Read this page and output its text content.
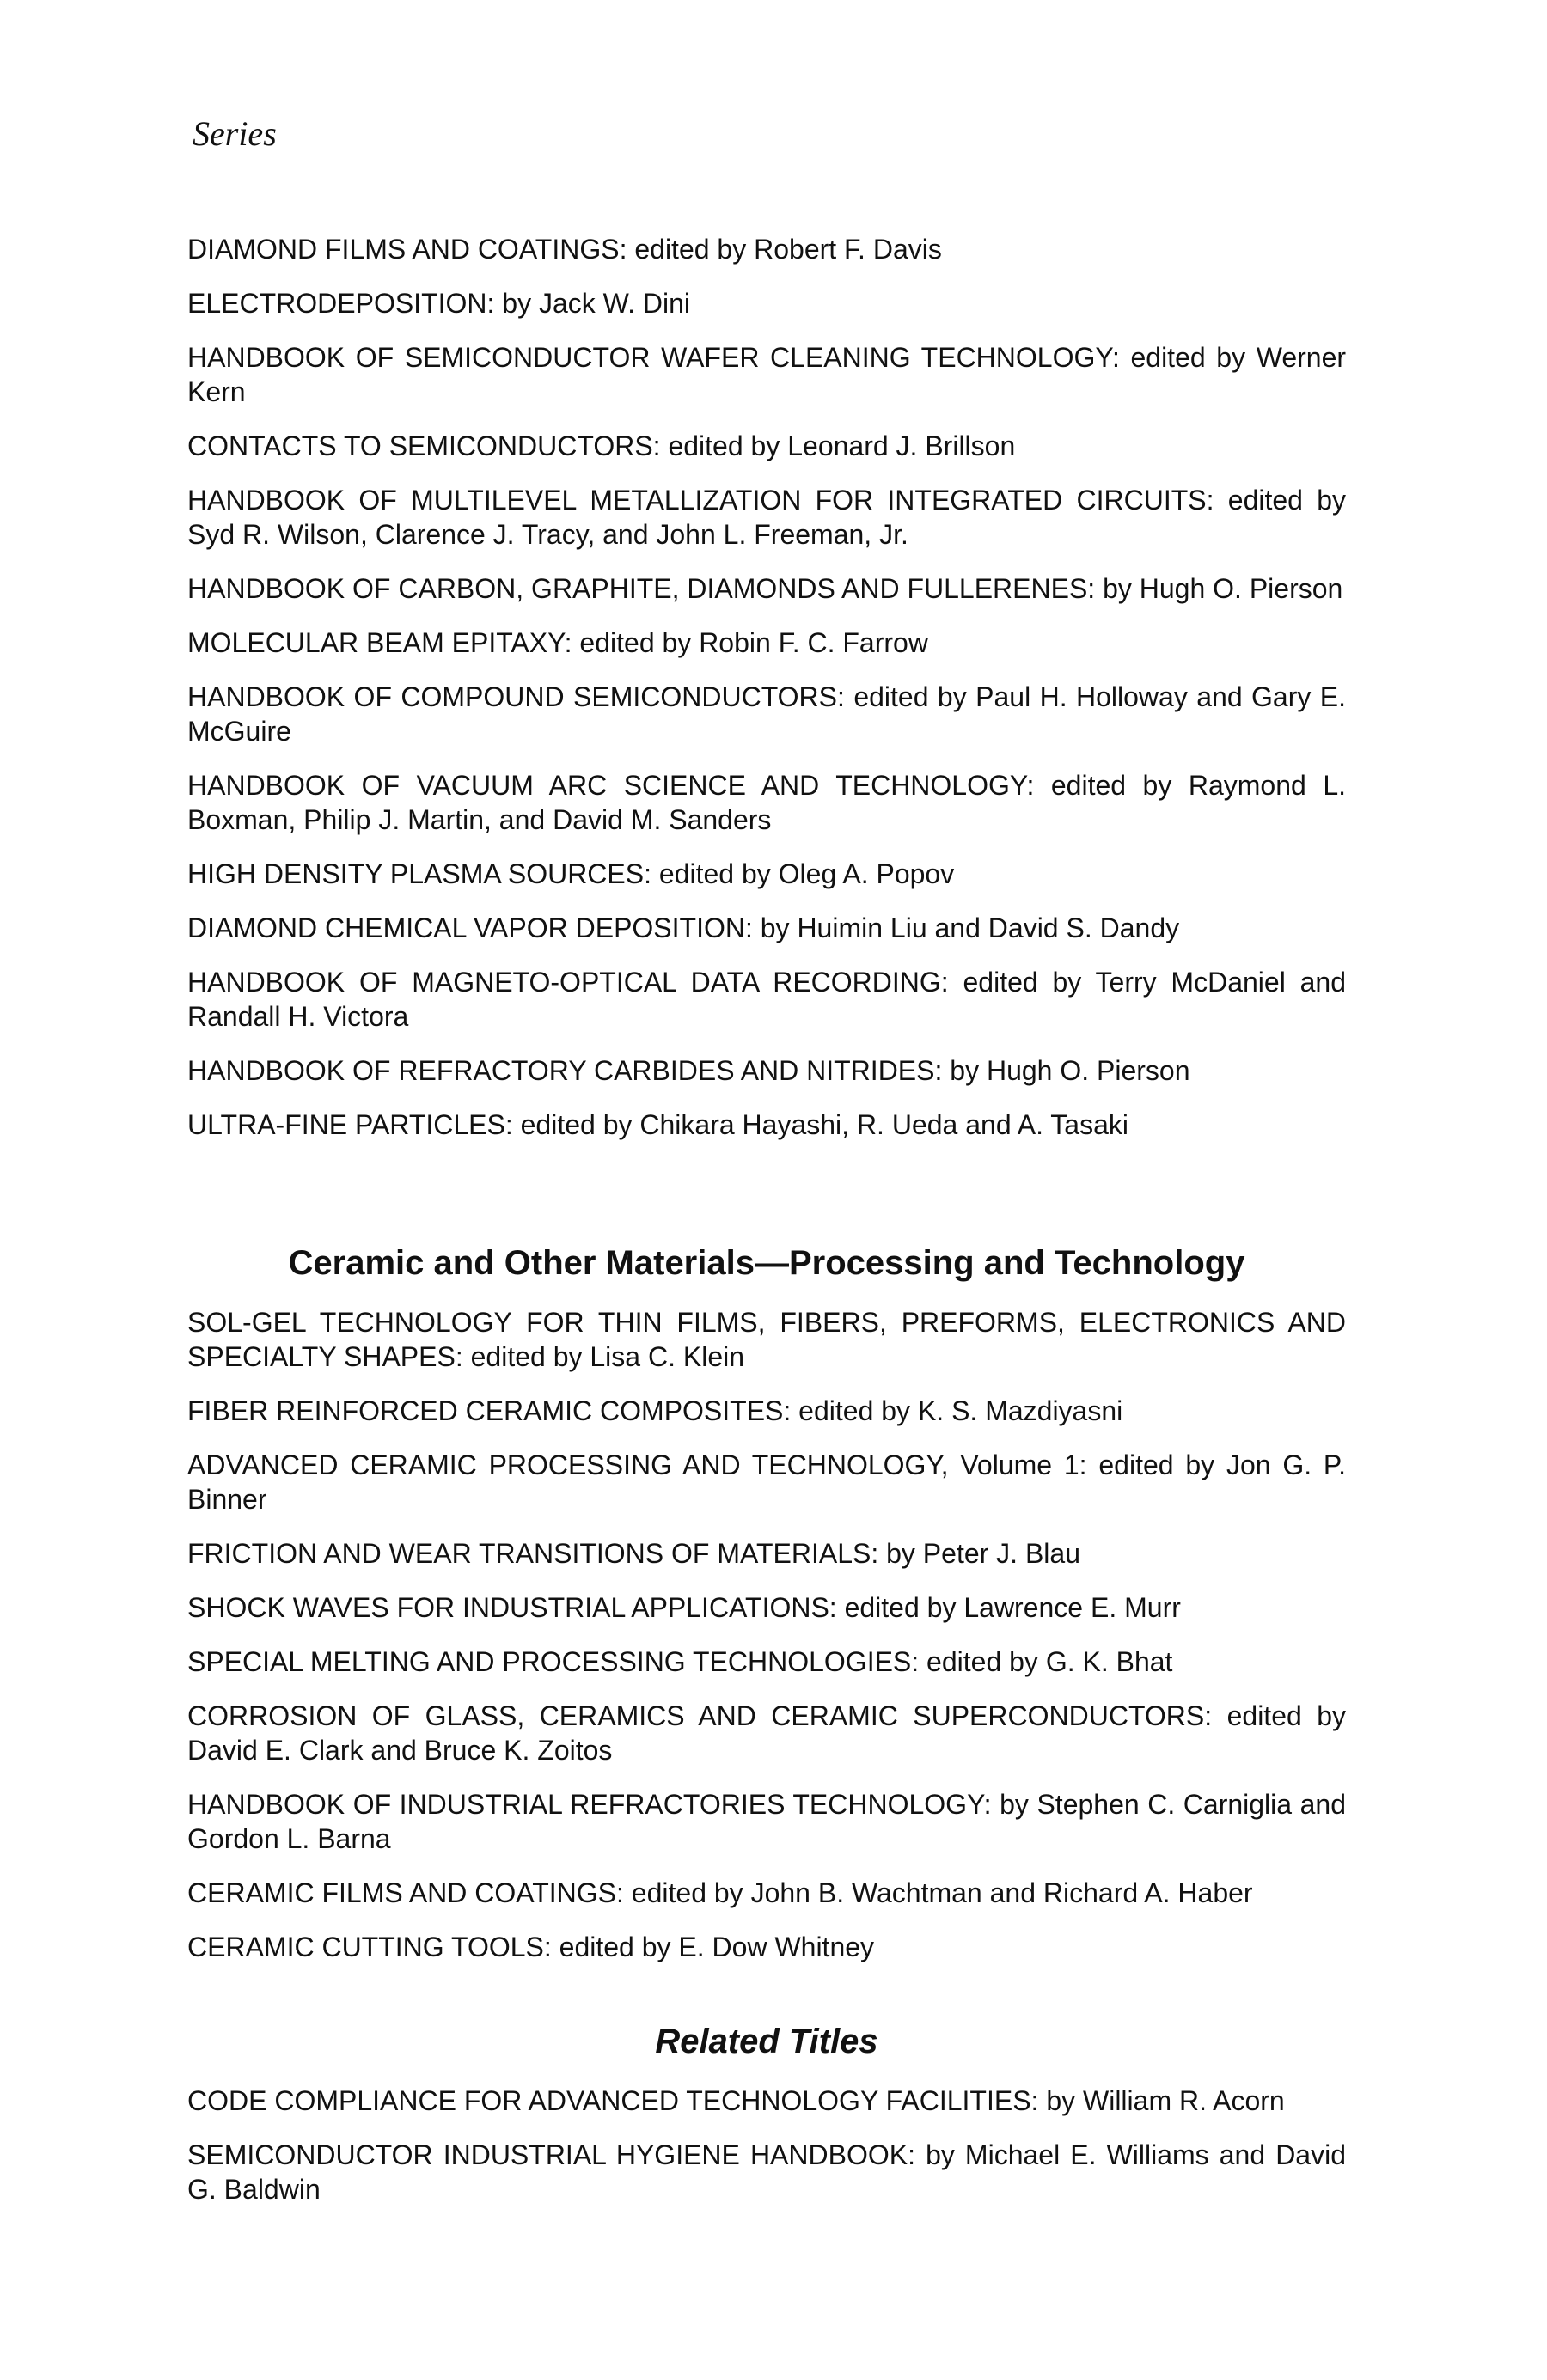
Series

DIAMOND FILMS AND COATINGS: edited by Robert F. Davis

ELECTRODEPOSITION: by Jack W. Dini

HANDBOOK OF SEMICONDUCTOR WAFER CLEANING TECHNOLOGY: edited by Werner Kern

CONTACTS TO SEMICONDUCTORS: edited by Leonard J. Brillson

HANDBOOK OF MULTILEVEL METALLIZATION FOR INTEGRATED CIRCUITS: edited by Syd R. Wilson, Clarence J. Tracy, and John L. Freeman, Jr.

HANDBOOK OF CARBON, GRAPHITE, DIAMONDS AND FULLERENES: by Hugh O. Pierson

MOLECULAR BEAM EPITAXY: edited by Robin F. C. Farrow

HANDBOOK OF COMPOUND SEMICONDUCTORS: edited by Paul H. Holloway and Gary E. McGuire

HANDBOOK OF VACUUM ARC SCIENCE AND TECHNOLOGY: edited by Raymond L. Boxman, Philip J. Martin, and David M. Sanders

HIGH DENSITY PLASMA SOURCES: edited by Oleg A. Popov

DIAMOND CHEMICAL VAPOR DEPOSITION: by Huimin Liu and David S. Dandy

HANDBOOK OF MAGNETO-OPTICAL DATA RECORDING: edited by Terry McDaniel and Randall H. Victora

HANDBOOK OF REFRACTORY CARBIDES AND NITRIDES: by Hugh O. Pierson

ULTRA-FINE PARTICLES: edited by Chikara Hayashi, R. Ueda and A. Tasaki

Ceramic and Other Materials—Processing and Technology

SOL-GEL TECHNOLOGY FOR THIN FILMS, FIBERS, PREFORMS, ELECTRONICS AND SPECIALTY SHAPES: edited by Lisa C. Klein

FIBER REINFORCED CERAMIC COMPOSITES: edited by K. S. Mazdiyasni

ADVANCED CERAMIC PROCESSING AND TECHNOLOGY, Volume 1: edited by Jon G. P. Binner

FRICTION AND WEAR TRANSITIONS OF MATERIALS: by Peter J. Blau

SHOCK WAVES FOR INDUSTRIAL APPLICATIONS: edited by Lawrence E. Murr

SPECIAL MELTING AND PROCESSING TECHNOLOGIES: edited by G. K. Bhat

CORROSION OF GLASS, CERAMICS AND CERAMIC SUPERCONDUCTORS: edited by David E. Clark and Bruce K. Zoitos

HANDBOOK OF INDUSTRIAL REFRACTORIES TECHNOLOGY: by Stephen C. Carniglia and Gordon L. Barna

CERAMIC FILMS AND COATINGS: edited by John B. Wachtman and Richard A. Haber

CERAMIC CUTTING TOOLS: edited by E. Dow Whitney

Related Titles

CODE COMPLIANCE FOR ADVANCED TECHNOLOGY FACILITIES: by William R. Acorn

SEMICONDUCTOR INDUSTRIAL HYGIENE HANDBOOK: by Michael E. Williams and David G. Baldwin
